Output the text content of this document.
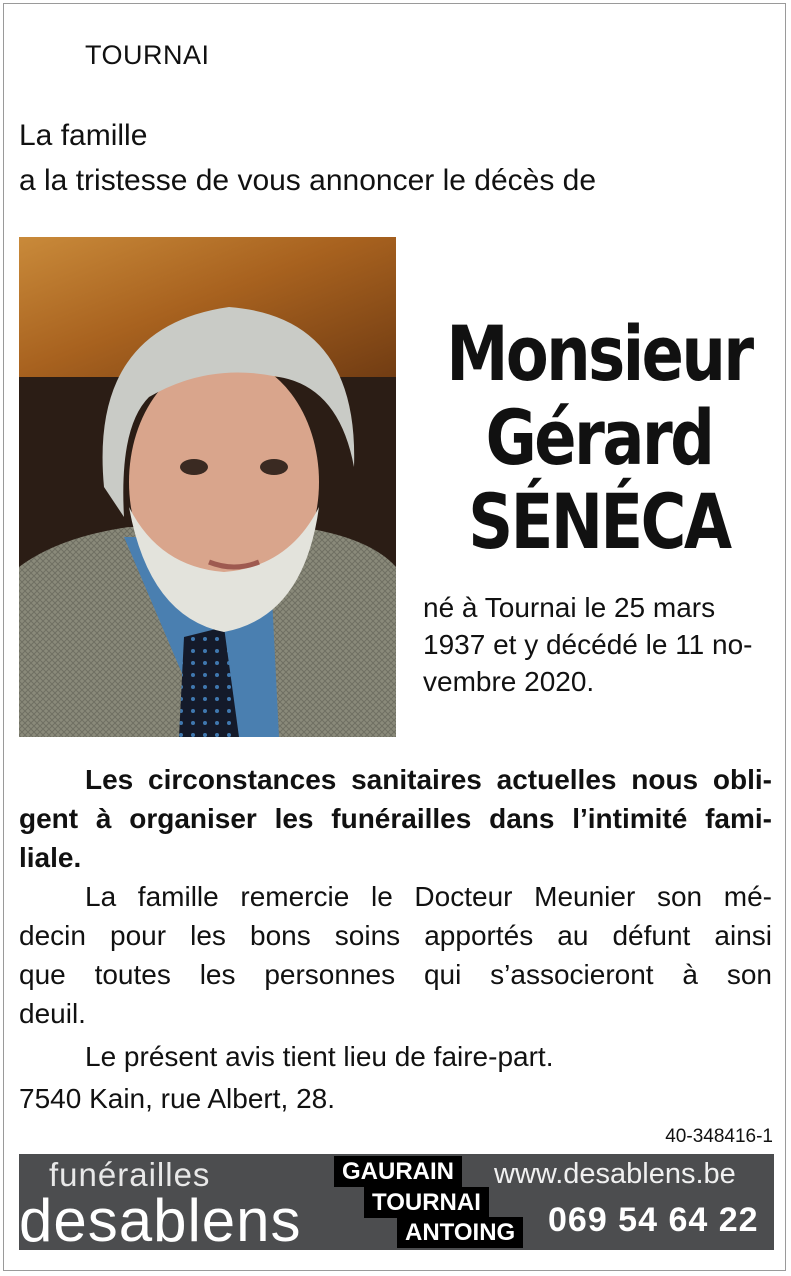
TOURNAI
La famille
a la tristesse de vous annoncer le décès de
Monsieur
Gérard
SÉNÉCA
né à Tournai le 25 mars
1937 et y décédé le 11 no-
vembre 2020.
Les circonstances sanitaires actuelles nous obli-
gent à organiser les funérailles dans l’intimité fami-
liale.
La famille remercie le Docteur Meunier son mé-
decin pour les bons soins apportés au défunt ainsi
que toutes les personnes qui s’associeront à son
deuil.
Le présent avis tient lieu de faire-part.
7540 Kain, rue Albert, 28.
40-348416-1
funérailles
desablens
GAURAIN
TOURNAI
ANTOING
www.desablens.be
069 54 64 22
